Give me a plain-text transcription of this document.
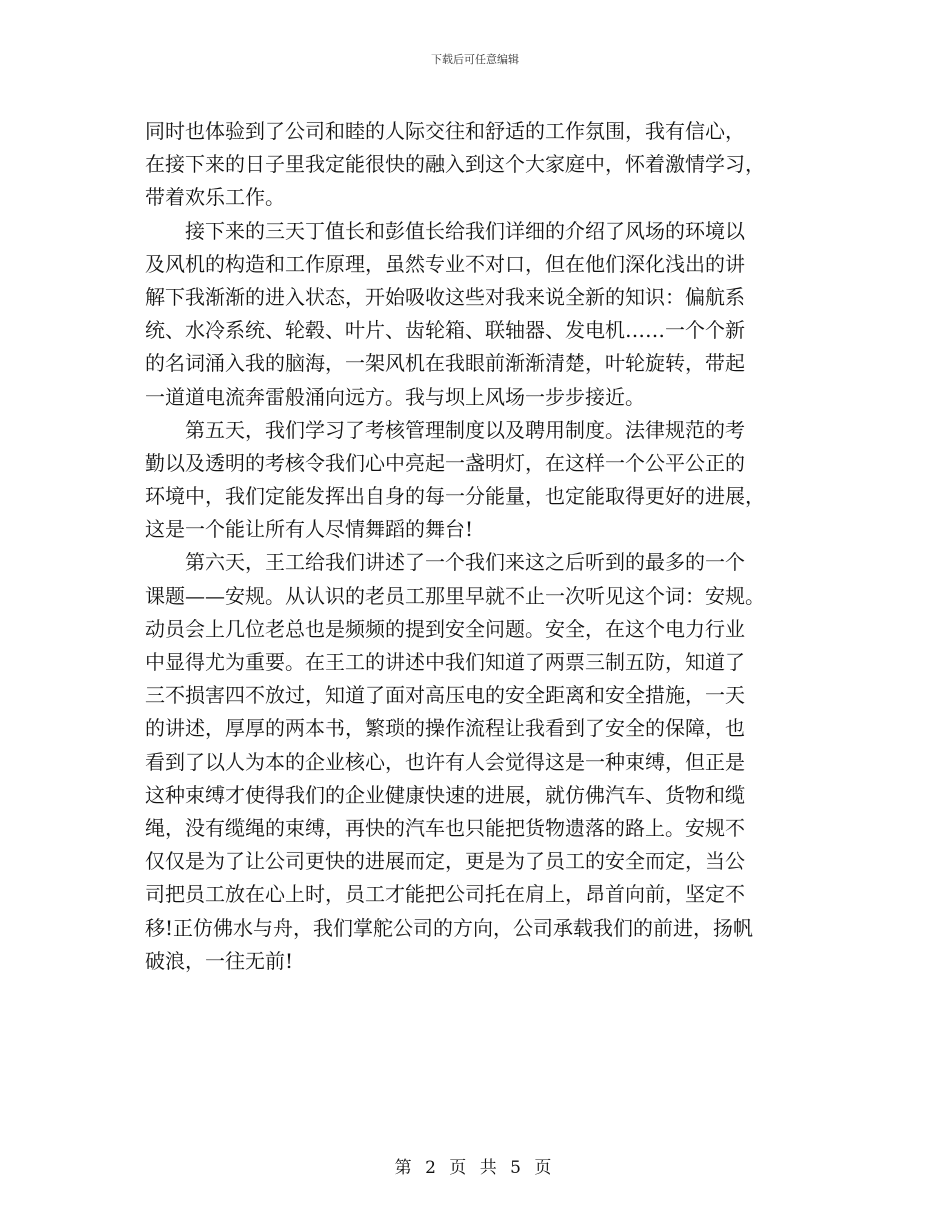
下载后可任意编辑
同时也体验到了公司和睦的人际交往和舒适的工作氛围，我有信心，
在接下来的日子里我定能很快的融入到这个大家庭中，怀着激情学习，
带着欢乐工作。
　　接下来的三天丁值长和彭值长给我们详细的介绍了风场的环境以
及风机的构造和工作原理，虽然专业不对口，但在他们深化浅出的讲
解下我渐渐的进入状态，开始吸收这些对我来说全新的知识：偏航系
统、水冷系统、轮毂、叶片、齿轮箱、联轴器、发电机……一个个新
的名词涌入我的脑海，一架风机在我眼前渐渐清楚，叶轮旋转，带起
一道道电流奔雷般涌向远方。我与坝上风场一步步接近。
　　第五天，我们学习了考核管理制度以及聘用制度。法律规范的考
勤以及透明的考核令我们心中亮起一盏明灯，在这样一个公平公正的
环境中，我们定能发挥出自身的每一分能量，也定能取得更好的进展，
这是一个能让所有人尽情舞蹈的舞台!
　　第六天，王工给我们讲述了一个我们来这之后听到的最多的一个
课题——安规。从认识的老员工那里早就不止一次听见这个词：安规。
动员会上几位老总也是频频的提到安全问题。安全，在这个电力行业
中显得尤为重要。在王工的讲述中我们知道了两票三制五防，知道了
三不损害四不放过，知道了面对高压电的安全距离和安全措施，一天
的讲述，厚厚的两本书，繁琐的操作流程让我看到了安全的保障，也
看到了以人为本的企业核心，也许有人会觉得这是一种束缚，但正是
这种束缚才使得我们的企业健康快速的进展，就仿佛汽车、货物和缆
绳，没有缆绳的束缚，再快的汽车也只能把货物遗落的路上。安规不
仅仅是为了让公司更快的进展而定，更是为了员工的安全而定，当公
司把员工放在心上时，员工才能把公司托在肩上，昂首向前，坚定不
移!正仿佛水与舟，我们掌舵公司的方向，公司承载我们的前进，扬帆
破浪，一往无前!
第 2 页 共 5 页
